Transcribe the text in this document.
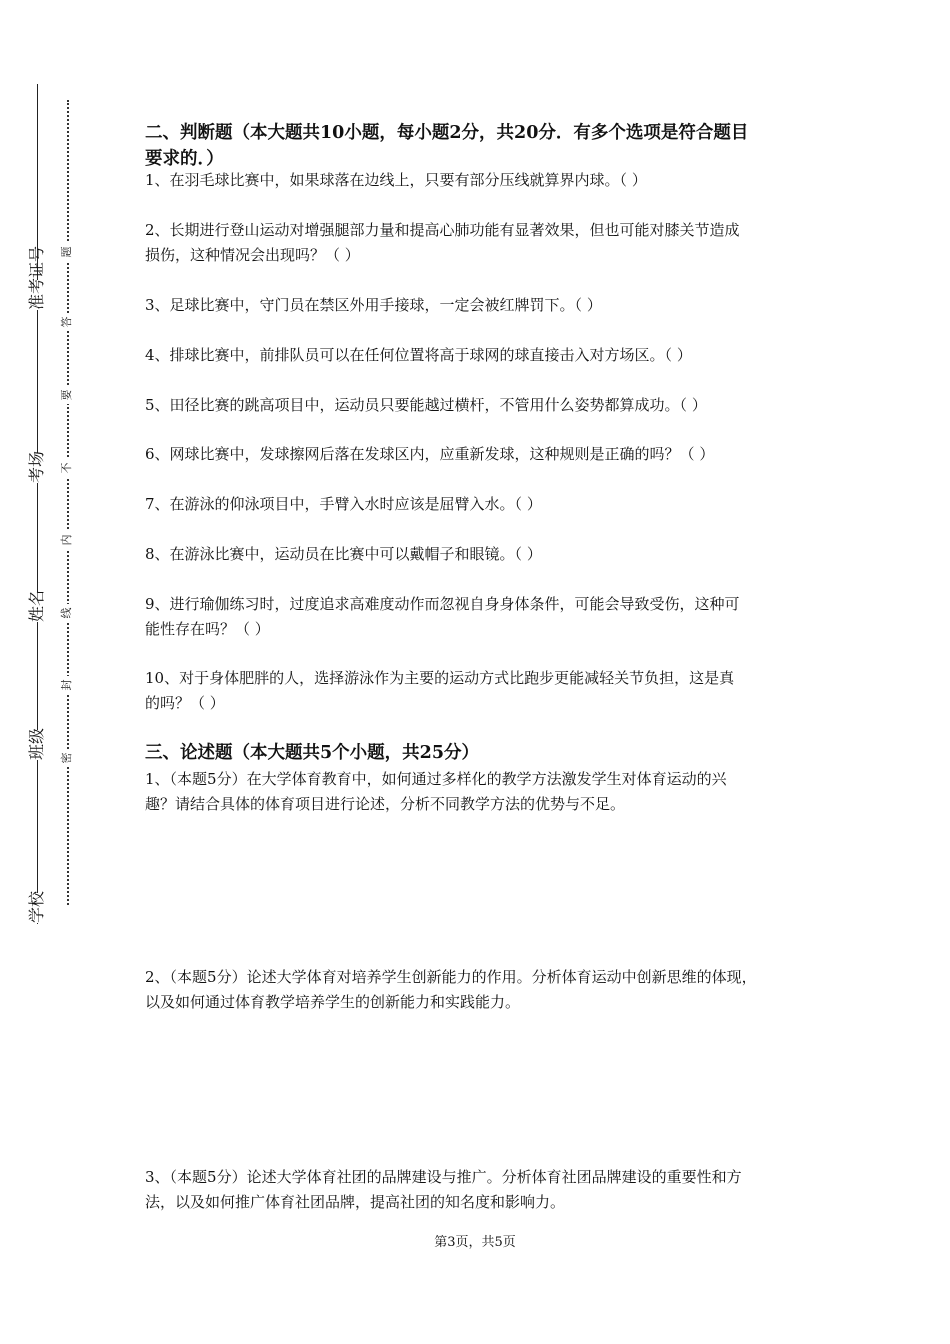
准考证号
考场
姓名
班级
学校
题
答
要
不
内
线
封
密
二、判断题（本大题共10小题，每小题2分，共20分．有多个选项是符合题目
要求的．）
1、在羽毛球比赛中，如果球落在边线上，只要有部分压线就算界内球。（ ）
2、长期进行登山运动对增强腿部力量和提高心肺功能有显著效果，但也可能对膝关节造成
损伤，这种情况会出现吗？（ ）
3、足球比赛中，守门员在禁区外用手接球，一定会被红牌罚下。（ ）
4、排球比赛中，前排队员可以在任何位置将高于球网的球直接击入对方场区。（ ）
5、田径比赛的跳高项目中，运动员只要能越过横杆，不管用什么姿势都算成功。（ ）
6、网球比赛中，发球擦网后落在发球区内，应重新发球，这种规则是正确的吗？（ ）
7、在游泳的仰泳项目中，手臂入水时应该是屈臂入水。（ ）
8、在游泳比赛中，运动员在比赛中可以戴帽子和眼镜。（ ）
9、进行瑜伽练习时，过度追求高难度动作而忽视自身身体条件，可能会导致受伤，这种可
能性存在吗？（ ）
10、对于身体肥胖的人，选择游泳作为主要的运动方式比跑步更能减轻关节负担，这是真
的吗？（ ）
三、论述题（本大题共5个小题，共25分）
1、（本题5分）在大学体育教育中，如何通过多样化的教学方法激发学生对体育运动的兴
趣？请结合具体的体育项目进行论述，分析不同教学方法的优势与不足。
2、（本题5分）论述大学体育对培养学生创新能力的作用。分析体育运动中创新思维的体现，
以及如何通过体育教学培养学生的创新能力和实践能力。
3、（本题5分）论述大学体育社团的品牌建设与推广。分析体育社团品牌建设的重要性和方
法，以及如何推广体育社团品牌，提高社团的知名度和影响力。
第3页，共5页
